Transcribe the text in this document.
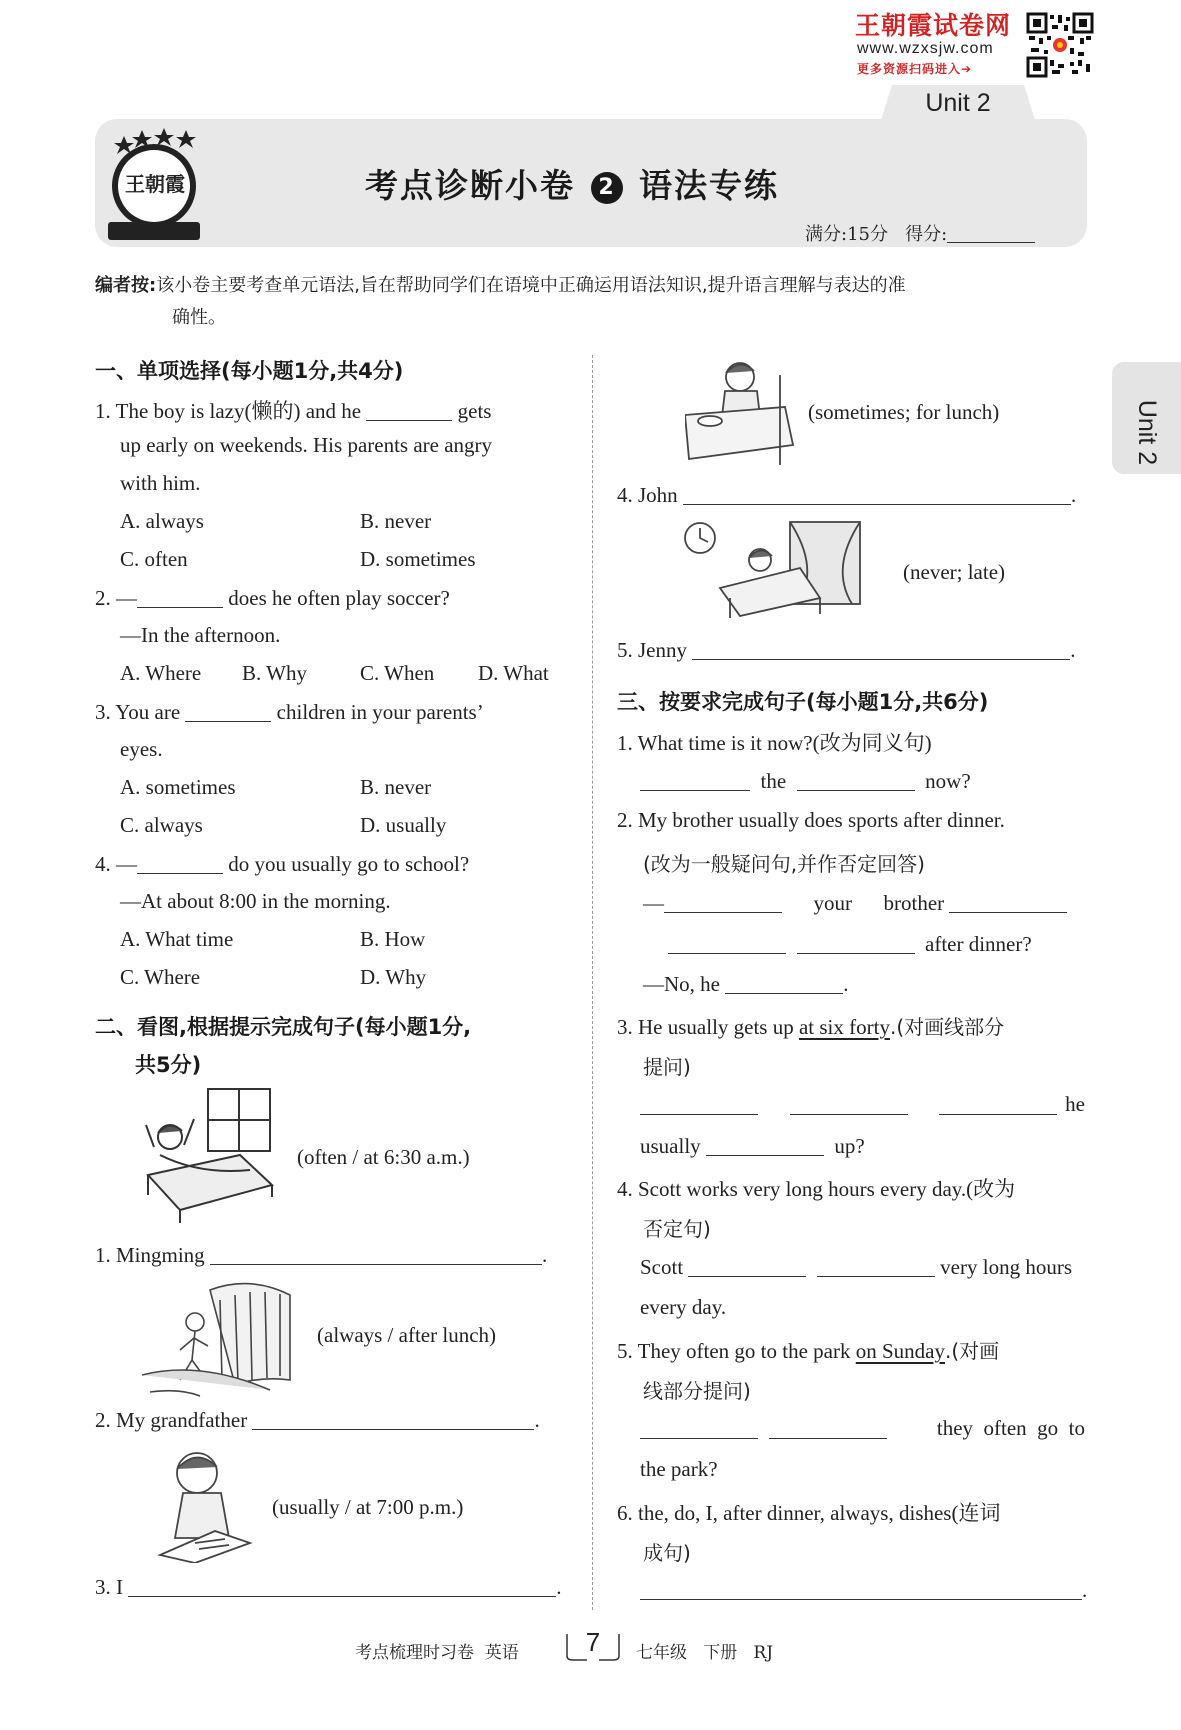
王朝霞试卷网
www.wzxsjw.com
更多资源扫码进入➔
Unit 2
王朝霞	考点诊断小卷 2 语法专练
满分:15分 得分:
编者按:该小卷主要考查单元语法,旨在帮助同学们在语境中正确运用语法知识,提升语言理解与表达的准
确性。
Unit 2
一、单项选择(每小题1分,共4分)
1. The boy is lazy(懒的) and he	gets
up early on weekends. His parents are angry
with him.
A. always	B. never
C. often	D. sometimes
2. —	does he often play soccer?
—In the afternoon.
A. Where B. Why	C. When D. What
3. You are	children in your parents’
eyes.
A. sometimes	B. never
C. always	D. usually
4. —	do you usually go to school?
—At about 8:00 in the morning.
A. What time	B. How
C. Where	D. Why
二、看图,根据提示完成句子(每小题1分,
共5分)
(often / at 6:30 a.m.)
1. Mingming	.
(always / after lunch)
2. My grandfather	.
(usually / at 7:00 p.m.)
3. I	.
(sometimes; for lunch)
4. John	.
(never; late)
5. Jenny	.
三、按要求完成句子(每小题1分,共6分)
1. What time is it now?(改为同义句)
the	now?
2. My brother usually does sports after dinner.
(改为一般疑问句,并作否定回答)
—	your brother
after dinner?
—No, he	.
3. He usually gets up at six forty.(对画线部分
提问)

he
usually	up?
4. Scott works very long hours every day.(改为
否定句)
Scott	very long hours
every day.
5. They often go to the park on Sunday.(对画
线部分提问)

they  often  go  to
the park?
6. the, do, I, after dinner, always, dishes(连词
成句)
.
考点梳理时习卷  英语	7	七年级   下册   RJ
